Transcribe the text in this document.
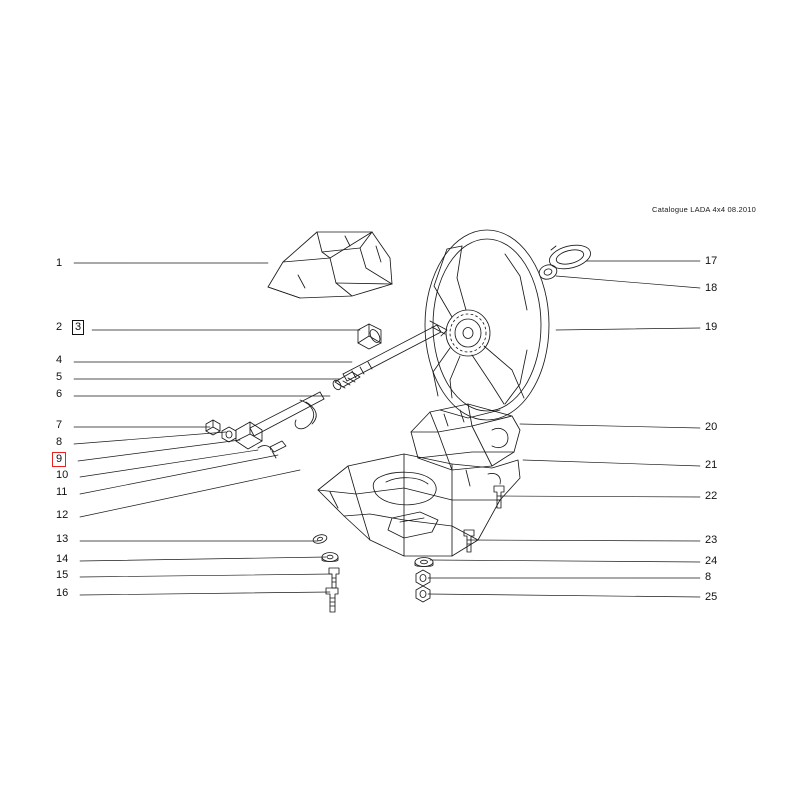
Catalogue LADA 4x4 08.2010
1
2 3
4
5
6
7
8
9
10
11
12
13
14
15
16
17
18
19
20
21
22
23
24
8
25
